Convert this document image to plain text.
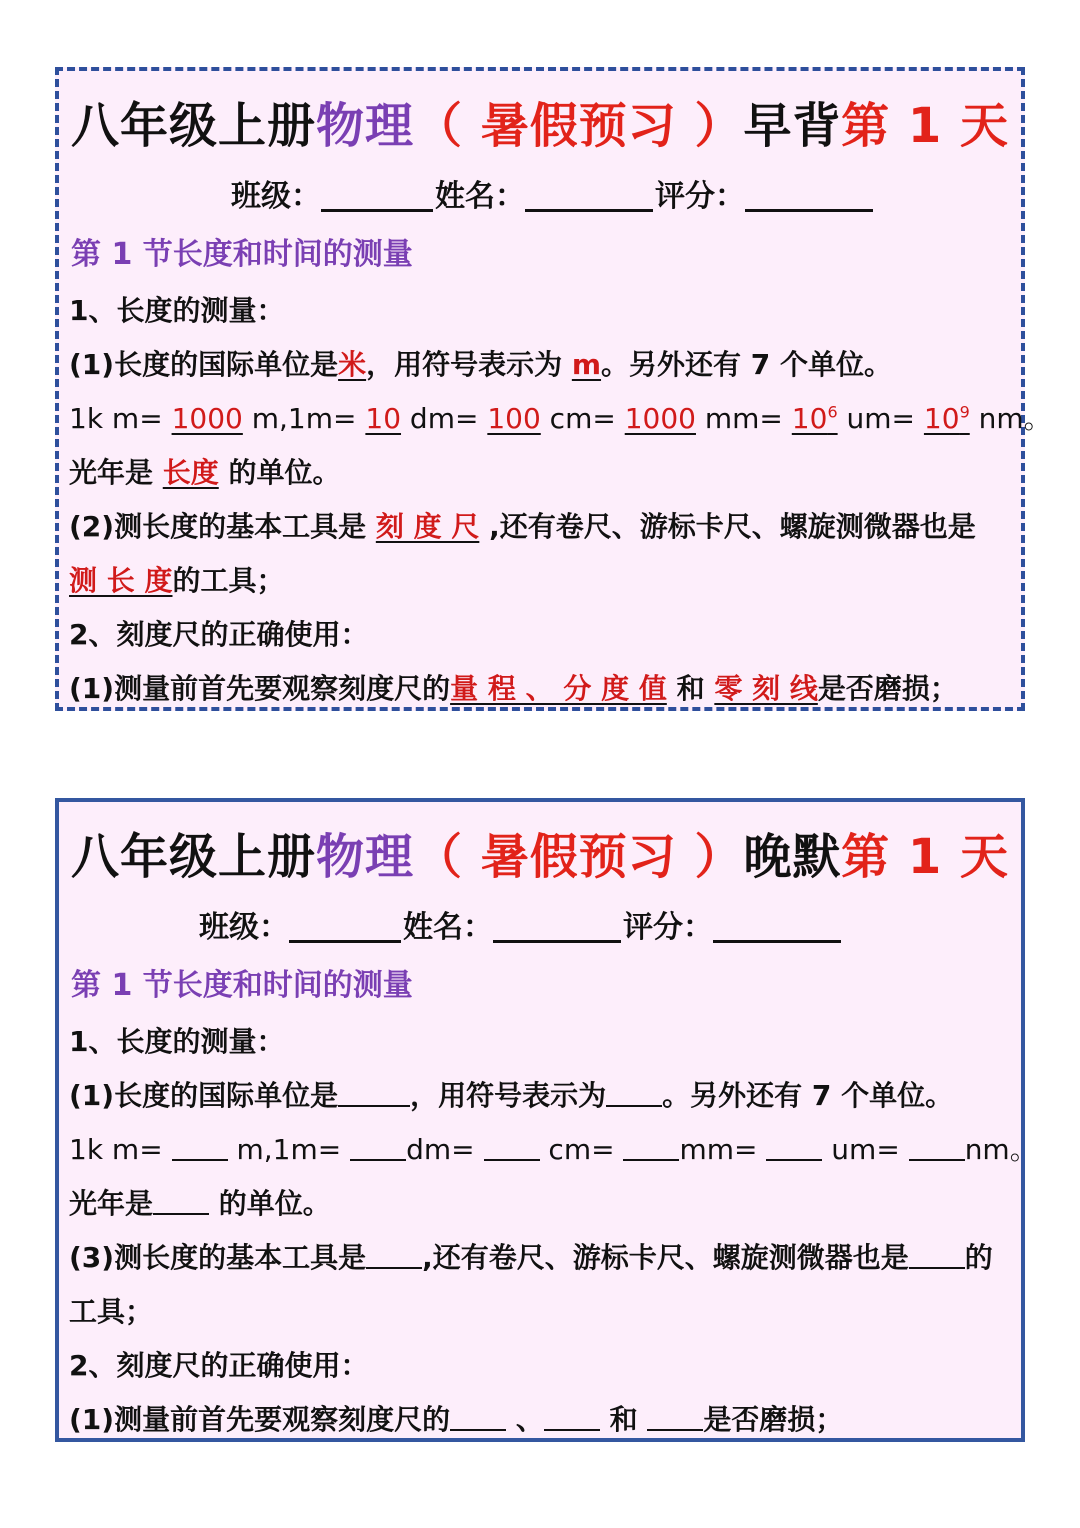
八年级上册物理（ 暑假预习 ）早背 第 1 天
班级：	姓名：	评分：
第 1 节长度和时间的测量
1、长度的测量：
(1)长度的国际单位是米，用符号表示为 m。另外还有 7 个单位。
1k m= 1000 m,1m= 10 dm= 100 cm= 1000 $mm= 10^6$ $um= 10^9$ nm。
光年是 长度 的单位。
(2)测长度的基本工具是 刻 度 尺 ,还有卷尺、游标卡尺、螺旋测微器也是
测 长 度的工具；
2、刻度尺的正确使用：
(1)测量前首先要观察刻度尺的量 程 、 分 度 值 和 零 刻 线是否磨损；
八年级上册物理（ 暑假预习 ）晚默 第 1 天
班级：	姓名：	评分：
第 1 节长度和时间的测量
1、长度的测量：
(1)长度的国际单位是	，用符号表示为 。另外还有 7 个单位。
1k m=  m,1m= dm=  cm= mm=  um= nm。
光年是 的单位。
(3)测长度的基本工具是 ,还有卷尺、游标卡尺、螺旋测微器也是 的
工具；
2、刻度尺的正确使用：
(1)测量前首先要观察刻度尺的 、 和 是否磨损；
